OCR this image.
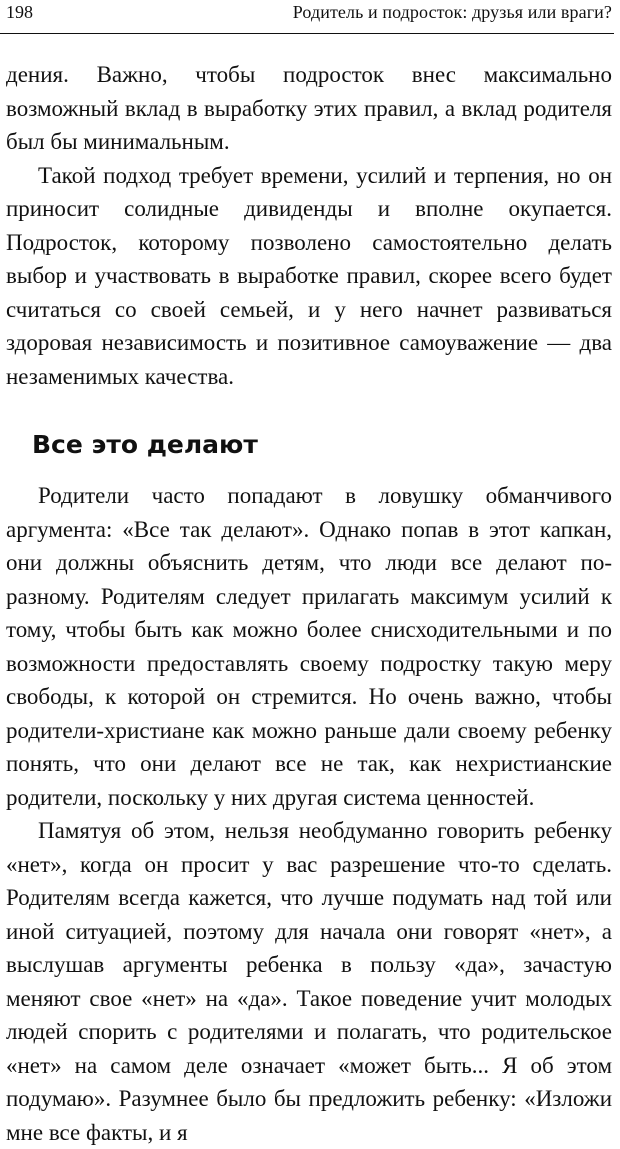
198	Родитель и подросток: друзья или враги?

дения. Важно, чтобы подросток внес максимально возможный вклад в выработку этих правил, а вклад родителя был бы минимальным.

Такой подход требует времени, усилий и терпения, но он приносит солидные дивиденды и вполне окупается. Подросток, которому позволено самостоятельно делать выбор и участвовать в выработке правил, скорее всего будет считаться со своей семьей, и у него начнет развиваться здоровая независимость и позитивное самоуважение — два незаменимых качества.

Все это делают

Родители часто попадают в ловушку обманчивого аргумента: «Все так делают». Однако попав в этот капкан, они должны объяснить детям, что люди все делают по-разному. Родителям следует прилагать максимум усилий к тому, чтобы быть как можно более снисходительными и по возможности предоставлять своему подростку такую меру свободы, к которой он стремится. Но очень важно, чтобы родители-христиане как можно раньше дали своему ребенку понять, что они делают все не так, как нехристианские родители, поскольку у них другая система ценностей.

Памятуя об этом, нельзя необдуманно говорить ребенку «нет», когда он просит у вас разрешение что-то сделать. Родителям всегда кажется, что лучше подумать над той или иной ситуацией, поэтому для начала они говорят «нет», а выслушав аргументы ребенка в пользу «да», зачастую меняют свое «нет» на «да». Такое поведение учит молодых людей спорить с родителями и полагать, что родительское «нет» на самом деле означает «может быть... Я об этом подумаю». Разумнее было бы предложить ребенку: «Изложи мне все факты, и я
